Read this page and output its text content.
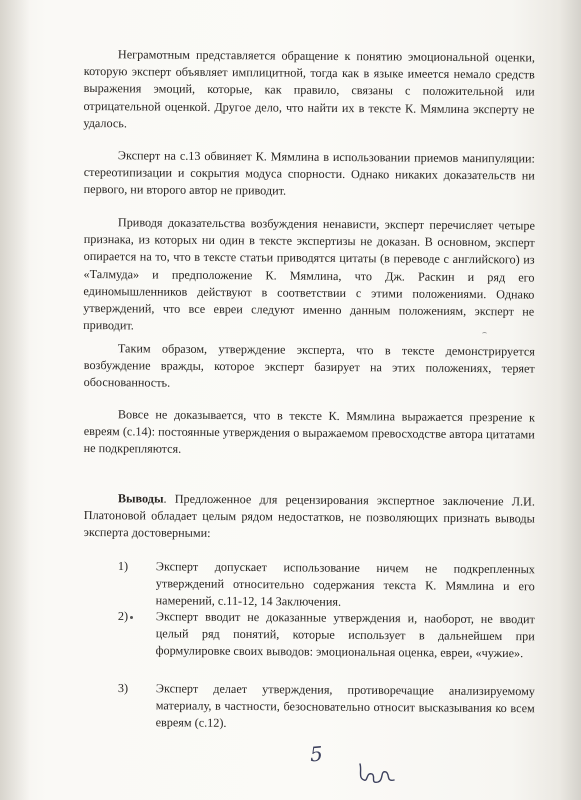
Неграмотным представляется обращение к понятию эмоциональной оценки, которую эксперт объявляет имплицитной, тогда как в языке имеется немало средств выражения эмоций, которые, как правило, связаны с положительной или отрицательной оценкой. Другое дело, что найти их в тексте К. Мямлина эксперту не удалось.

Эксперт на с.13 обвиняет К. Мямлина в использовании приемов манипуляции: стереотипизации и сокрытия модуса спорности. Однако никаких доказательств ни первого, ни второго автор не приводит.

Приводя доказательства возбуждения ненависти, эксперт перечисляет четыре признака, из которых ни один в тексте экспертизы не доказан. В основном, эксперт опирается на то, что в тексте статьи приводятся цитаты (в переводе с английского) из «Талмуда» и предположение К. Мямлина, что Дж. Раскин и ряд его единомышленников действуют в соответствии с этими положениями. Однако утверждений, что все евреи следуют именно данным положениям, эксперт не приводит.

Таким образом, утверждение эксперта, что в тексте демонстрируется возбуждение вражды, которое эксперт базирует на этих положениях, теряет обоснованность.

Вовсе не доказывается, что в тексте К. Мямлина выражается презрение к евреям (с.14): постоянные утверждения о выражаемом превосходстве автора цитатами не подкрепляются.

Выводы. Предложенное для рецензирования экспертное заключение Л.И. Платоновой обладает целым рядом недостатков, не позволяющих признать выводы эксперта достоверными:

1)	Эксперт допускает использование ничем не подкрепленных утверждений относительно содержания текста К. Мямлина и его намерений, с.11-12, 14 Заключения.
2)	Эксперт вводит не доказанные утверждения и, наоборот, не вводит целый ряд понятий, которые использует в дальнейшем при формулировке своих выводов: эмоциональная оценка, евреи, «чужие».
3)	Эксперт делает утверждения, противоречащие анализируемому материалу, в частности, безосновательно относит высказывания ко всем евреям (с.12).
5
